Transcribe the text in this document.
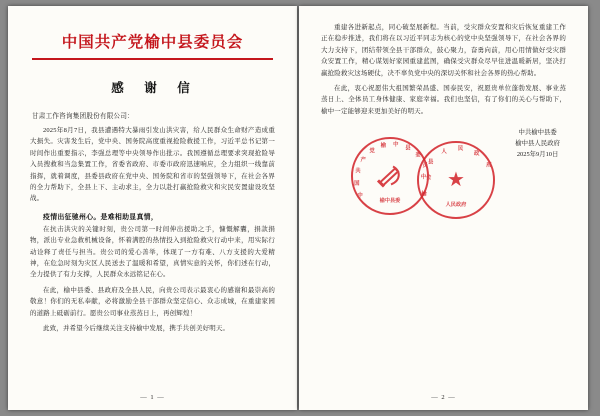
中国共产党榆中县委员会
感　谢　信
甘肃工作咨询集团股份有限公司：

2025年8月7日，我县遭遇特大暴雨引发山洪灾害，给人民群众生命财产造成重大损失。灾害发生后，党中央、国务院高度重视抢险救援工作，习近平总书记第一时间作出重要指示，李强总理等中央领导作出批示。我国遵循总理要求突现抢险导入员搜救和当急集置工作，省委省政府、市委市政府迅速响应，全力组织一线靠前指挥，就着调度，县委县政府在党中央、国务院和省市的坚强领导下，在社会各界的全力帮助下，全县上下、主动求主，全力以赴打赢抢险救灾和灾民安置建设攻坚战。

疫情出征驰州心。是难相助显真情，

在抗击洪灾的关键时刻，贵公司第一时间伸出援助之手，慷慨解囊，捐款捐物，派出专业急救机械设备，怀着满腔的热情投入到抢险救灾行动中来，用实际行动诠释了责任与担当。贵公司的爱心善举，体现了一方有难、八方支援的大爱精神，在危急时刻为灾区人民送去了温暖和希望，真情实意的关怀，你们述在行动，全力提供了有力支撑，人民群众永远铭记在心。

在此，榆中县委、县政府及全县人民，向贵公司表示最衷心的感谢和最崇高的敬意！你们的无私奉献，必将激励全县干部群众坚定信心、众志成城，在重建家园的道路上砥砺前行。愿贵公司事业蒸蒸日上，再创辉煌！

此致，并希望今后继续关注支持榆中发展，携手共创美好明天。

— 1 —

重建各进新起点，同心破坚展新程。当前，受灾群众安置和灾后恢复重建工作正在稳步推进，我们将在以习近平同志为核心的党中央坚强领导下，在社会各界的大力支持下，团结带领全县干部群众，鼓心聚力，奋勇向前，用心用情做好受灾群众安置工作，精心谋划好家园重建蓝图，确保受灾群众尽早住进温暖新居，坚决打赢抢险救灾这场硬仗，决不辜负党中央的深切关怀和社会各界的热心帮助。

在此，衷心祝愿伟大祖国繁荣昌盛、国泰民安，祝愿贵单位蓬勃发展、事业蒸蒸日上、全体员工身体健康、家庭幸福。我们也坚信，有了你们的关心与帮助下，榆中一定能够迎来更加美好的明天。

中
国
共
产
党
榆 中
县
委
员
会
榆中县委
榆
中
县
人
民
政
府
★
人民政府
中共榆中县委
榆中县人民政府
2025年9月10日
— 2 —
